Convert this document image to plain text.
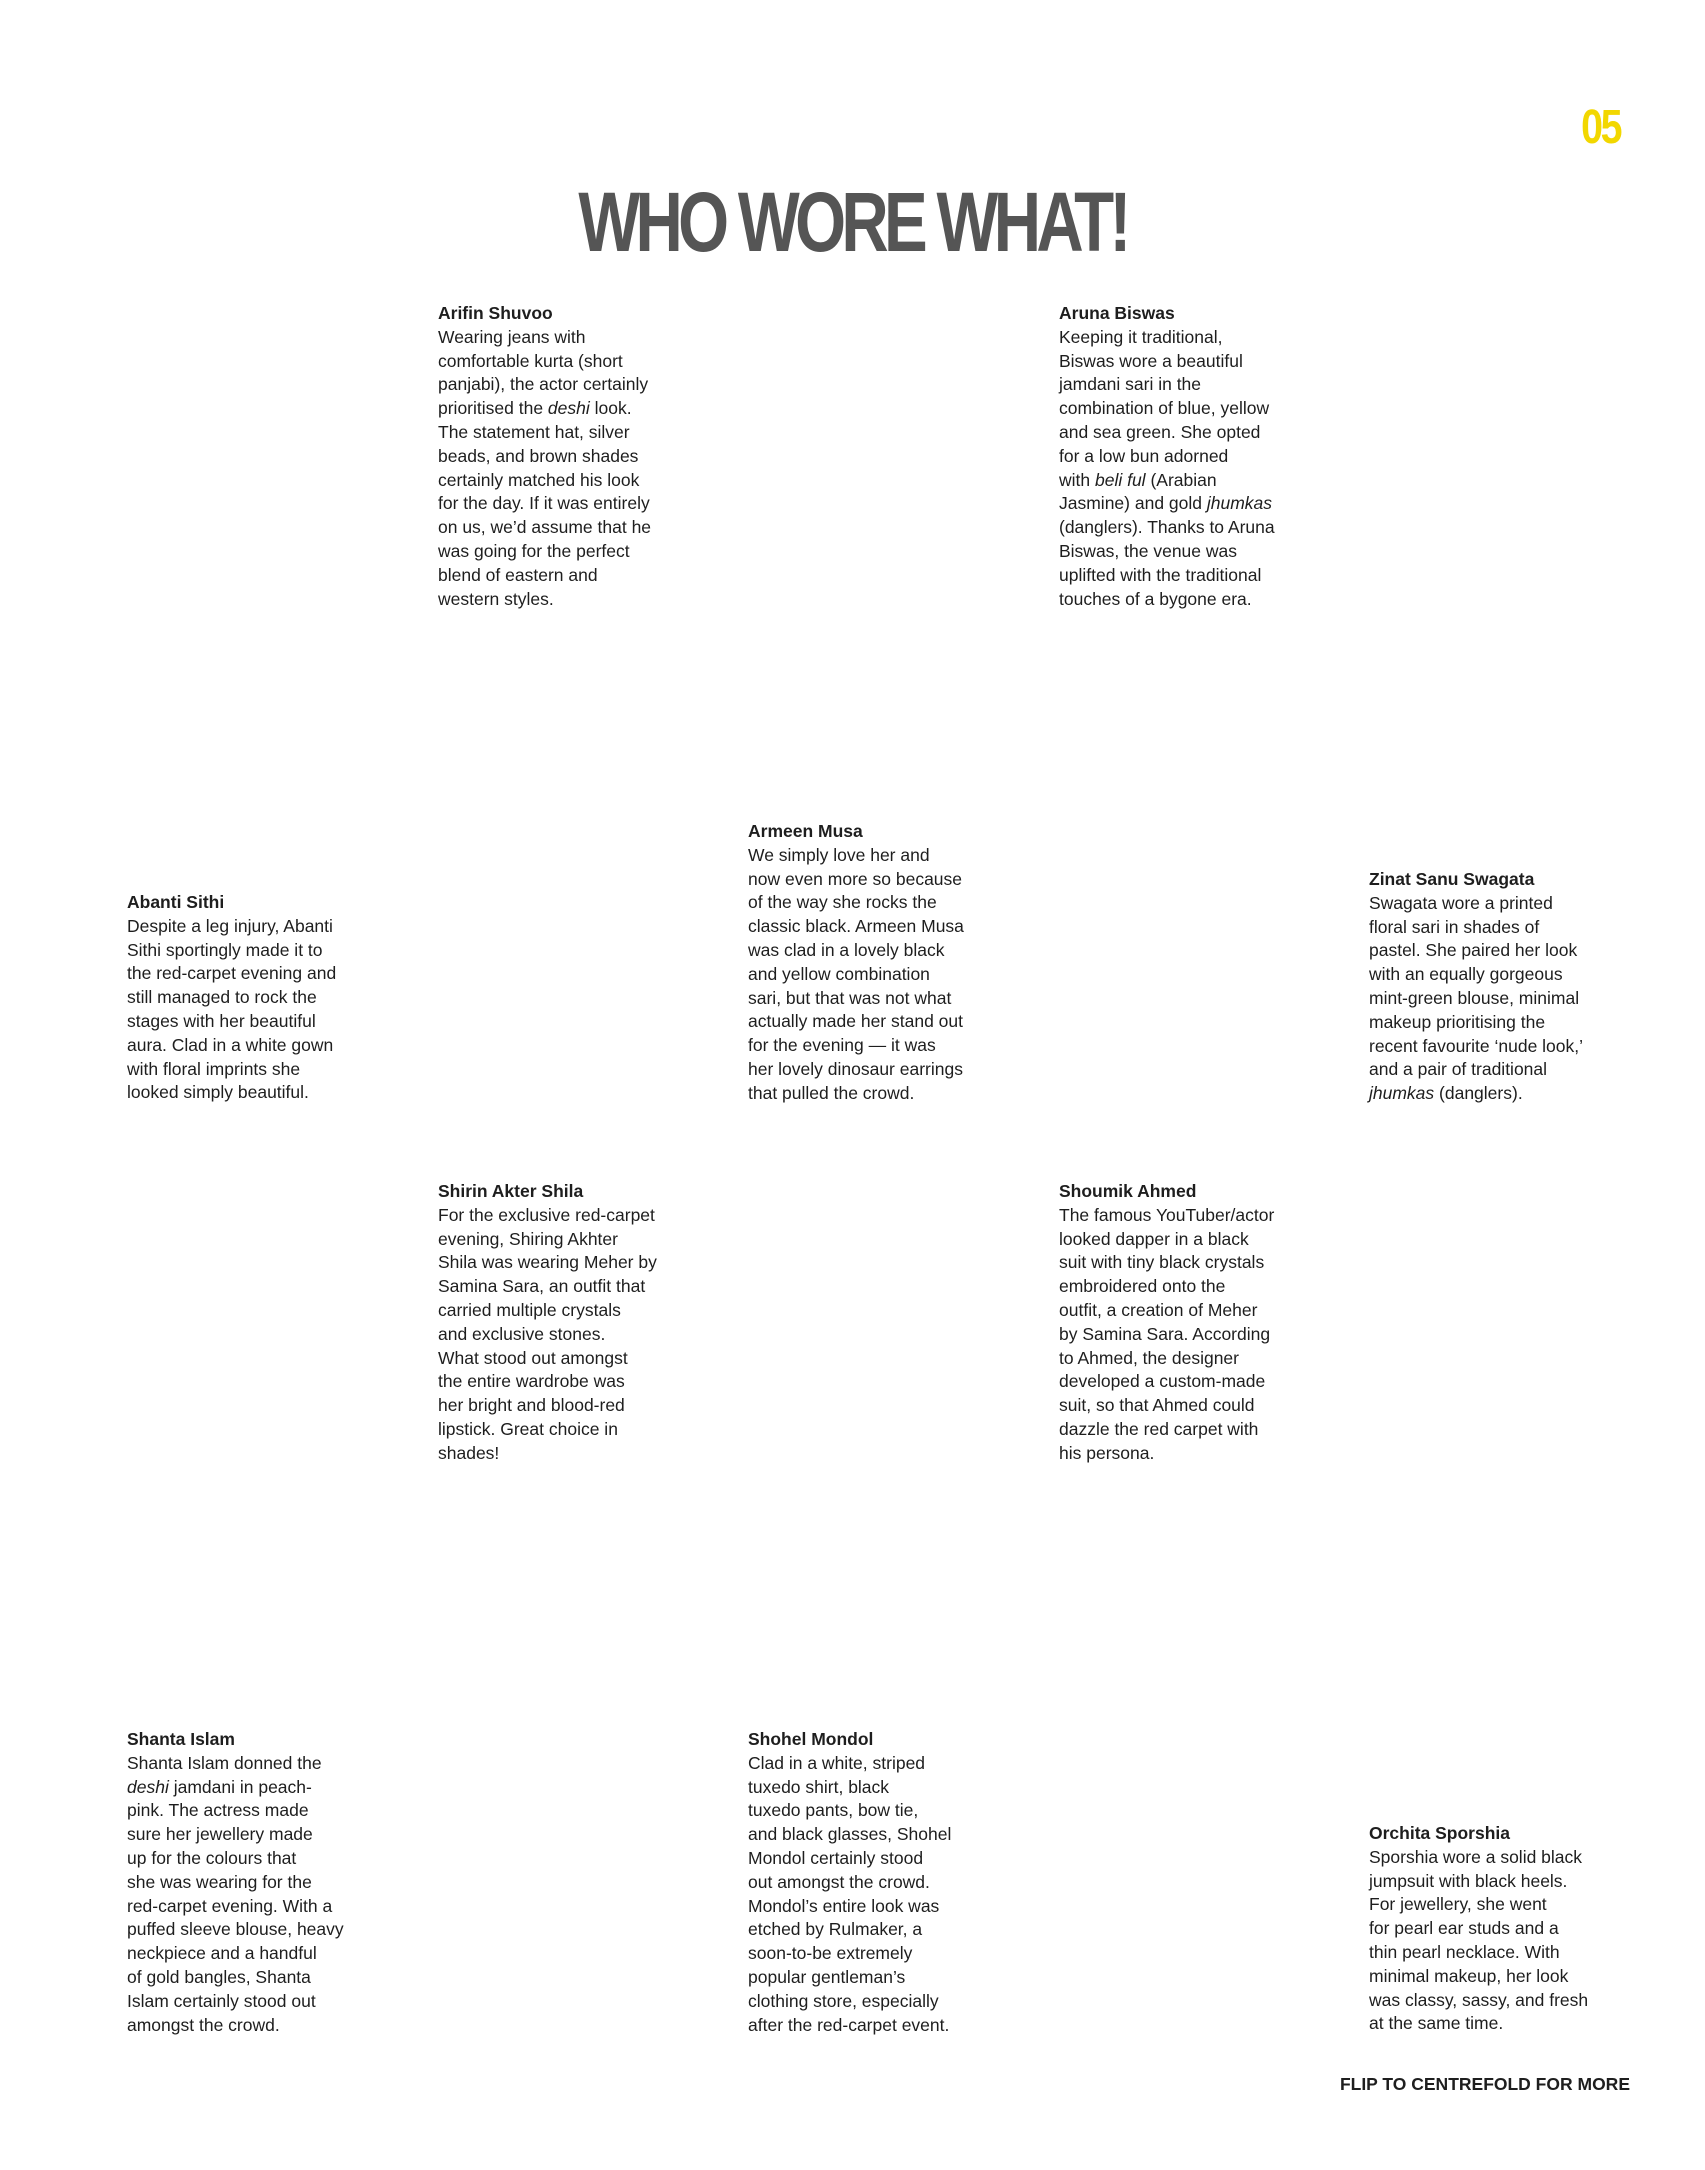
05
WHO WORE WHAT!
Arifin Shuvoo

Wearing jeans with
comfortable kurta (short
panjabi), the actor certainly
prioritised the deshi look.
The statement hat, silver
beads, and brown shades
certainly matched his look
for the day. If it was entirely
on us, we’d assume that he
was going for the perfect
blend of eastern and
western styles.

Aruna Biswas

Keeping it traditional,
Biswas wore a beautiful
jamdani sari in the
combination of blue, yellow
and sea green. She opted
for a low bun adorned
with beli ful (Arabian
Jasmine) and gold jhumkas
(danglers). Thanks to Aruna
Biswas, the venue was
uplifted with the traditional
touches of a bygone era.

Armeen Musa

We simply love her and
now even more so because
of the way she rocks the
classic black. Armeen Musa
was clad in a lovely black
and yellow combination
sari, but that was not what
actually made her stand out
for the evening — it was
her lovely dinosaur earrings
that pulled the crowd.

Abanti Sithi

Despite a leg injury, Abanti
Sithi sportingly made it to
the red-carpet evening and
still managed to rock the
stages with her beautiful
aura. Clad in a white gown
with floral imprints she
looked simply beautiful.

Zinat Sanu Swagata

Swagata wore a printed
floral sari in shades of
pastel. She paired her look
with an equally gorgeous
mint-green blouse, minimal
makeup prioritising the
recent favourite ‘nude look,’
and a pair of traditional
jhumkas (danglers).

Shirin Akter Shila

For the exclusive red-carpet
evening, Shiring Akhter
Shila was wearing Meher by
Samina Sara, an outfit that
carried multiple crystals
and exclusive stones.
What stood out amongst
the entire wardrobe was
her bright and blood-red
lipstick. Great choice in
shades!

Shoumik Ahmed

The famous YouTuber/actor
looked dapper in a black
suit with tiny black crystals
embroidered onto the
outfit, a creation of Meher
by Samina Sara. According
to Ahmed, the designer
developed a custom-made
suit, so that Ahmed could
dazzle the red carpet with
his persona.

Shanta Islam

Shanta Islam donned the
deshi jamdani in peach-
pink. The actress made
sure her jewellery made
up for the colours that
she was wearing for the
red-carpet evening. With a
puffed sleeve blouse, heavy
neckpiece and a handful
of gold bangles, Shanta
Islam certainly stood out
amongst the crowd.

Shohel Mondol

Clad in a white, striped
tuxedo shirt, black
tuxedo pants, bow tie,
and black glasses, Shohel
Mondol certainly stood
out amongst the crowd.
Mondol’s entire look was
etched by Rulmaker, a
soon-to-be extremely
popular gentleman’s
clothing store, especially
after the red-carpet event.

Orchita Sporshia

Sporshia wore a solid black
jumpsuit with black heels.
For jewellery, she went
for pearl ear studs and a
thin pearl necklace. With
minimal makeup, her look
was classy, sassy, and fresh
at the same time.

FLIP TO CENTREFOLD FOR MORE
